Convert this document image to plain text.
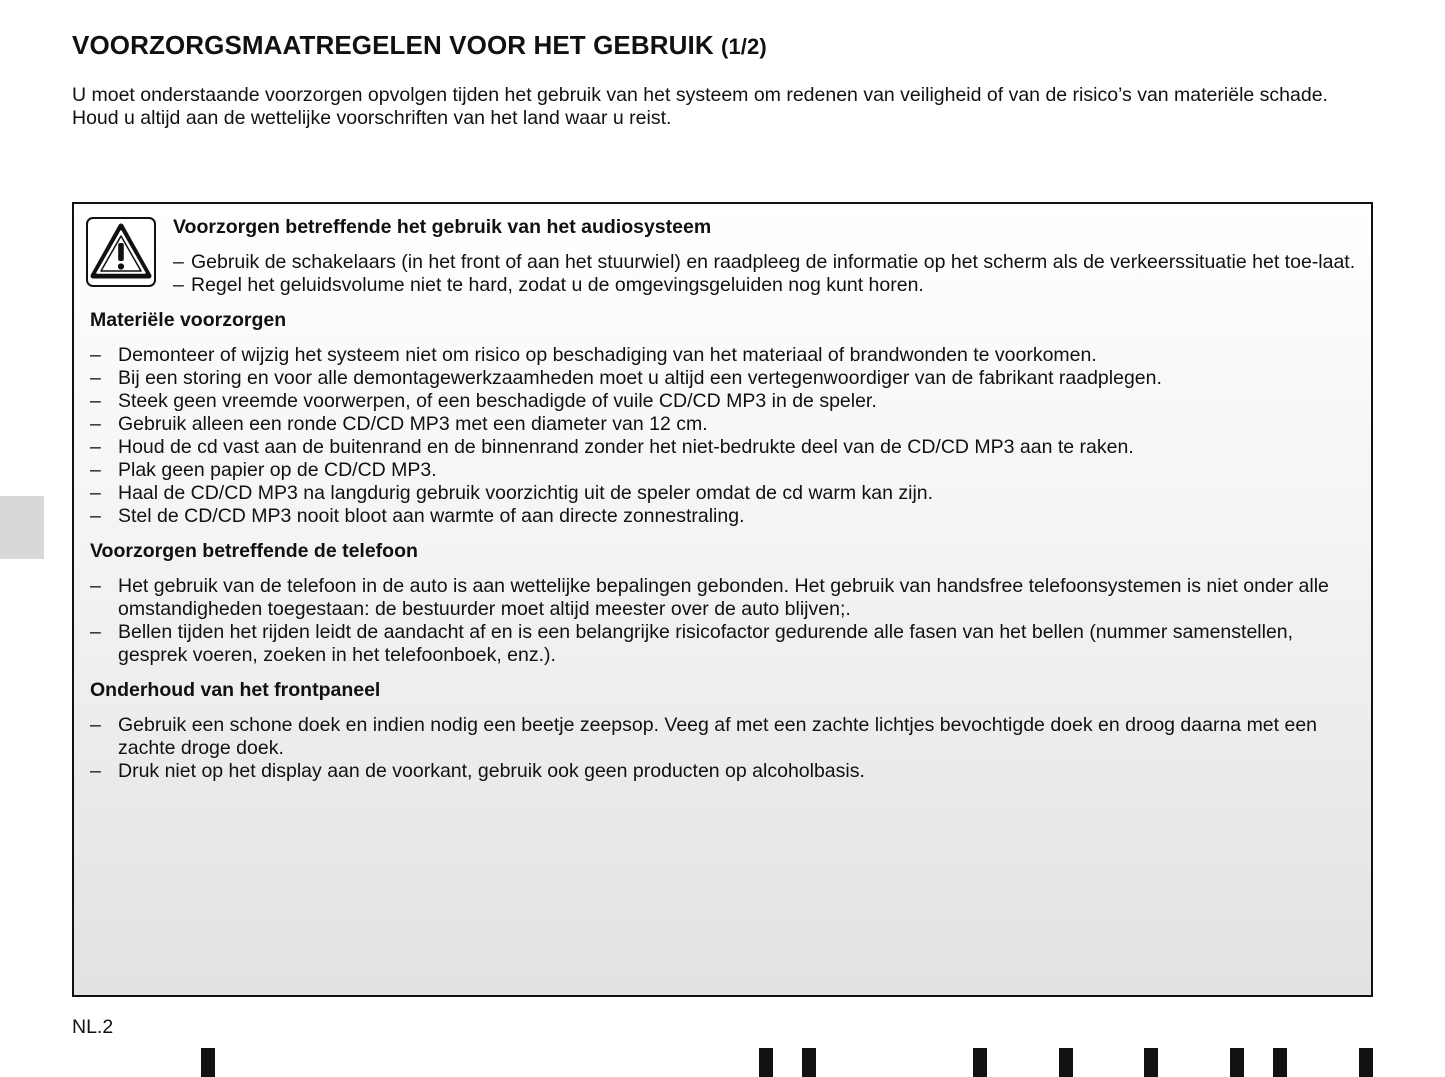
VOORZORGSMAATREGELEN VOOR HET GEBRUIK (1/2)

U moet onderstaande voorzorgen opvolgen tijden het gebruik van het systeem om redenen van veiligheid of van de risico’s van materiële schade.

Houd u altijd aan de wettelijke voorschriften van het land waar u reist.

Voorzorgen betreffende het gebruik van het audiosysteem
– Gebruik de schakelaars (in het front of aan het stuurwiel) en raadpleeg de informatie op het scherm als de verkeerssituatie het toe-laat.
– Regel het geluidsvolume niet te hard, zodat u de omgevingsgeluiden nog kunt horen.
Materiële voorzorgen
– Demonteer of wijzig het systeem niet om risico op beschadiging van het materiaal of brandwonden te voorkomen.
– Bij een storing en voor alle demontagewerkzaamheden moet u altijd een vertegenwoordiger van de fabrikant raadplegen.
– Steek geen vreemde voorwerpen, of een beschadigde of vuile CD/CD MP3 in de speler.
– Gebruik alleen een ronde CD/CD MP3 met een diameter van 12 cm.
– Houd de cd vast aan de buitenrand en de binnenrand zonder het niet-bedrukte deel van de CD/CD MP3 aan te raken.
– Plak geen papier op de CD/CD MP3.
– Haal de CD/CD MP3 na langdurig gebruik voorzichtig uit de speler omdat de cd warm kan zijn.
– Stel de CD/CD MP3 nooit bloot aan warmte of aan directe zonnestraling.
Voorzorgen betreffende de telefoon
– Het gebruik van de telefoon in de auto is aan wettelijke bepalingen gebonden. Het gebruik van handsfree telefoonsystemen is niet onder alle omstandigheden toegestaan: de bestuurder moet altijd meester over de auto blijven;.
– Bellen tijden het rijden leidt de aandacht af en is een belangrijke risicofactor gedurende alle fasen van het bellen (nummer samenstellen, gesprek voeren, zoeken in het telefoonboek, enz.).
Onderhoud van het frontpaneel
– Gebruik een schone doek en indien nodig een beetje zeepsop. Veeg af met een zachte lichtjes bevochtigde doek en droog daarna met een zachte droge doek.
– Druk niet op het display aan de voorkant, gebruik ook geen producten op alcoholbasis.
NL.2
